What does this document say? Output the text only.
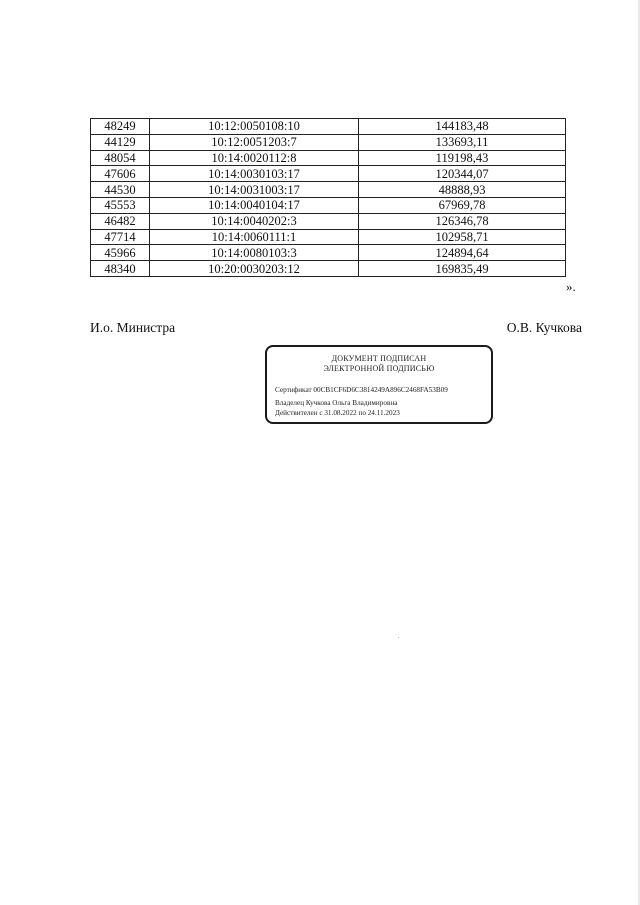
48249	10:12:0050108:10	144183,48
44129	10:12:0051203:7	133693,11
48054	10:14:0020112:8	119198,43
47606	10:14:0030103:17	120344,07
44530	10:14:0031003:17	48888,93
45553	10:14:0040104:17	67969,78
46482	10:14:0040202:3	126346,78
47714	10:14:0060111:1	102958,71
45966	10:14:0080103:3	124894,64
48340	10:20:0030203:12	169835,49
».
И.о. Министра	О.В. Кучкова
ДОКУМЕНТ ПОДПИСАН
ЭЛЕКТРОННОЙ ПОДПИСЬЮ
Сертификат 00CB1CF6D6C3814249A896C2468FA53B09
Владелец Кучкова Ольга Владимировна
Действителен с 31.08.2022 по 24.11.2023
